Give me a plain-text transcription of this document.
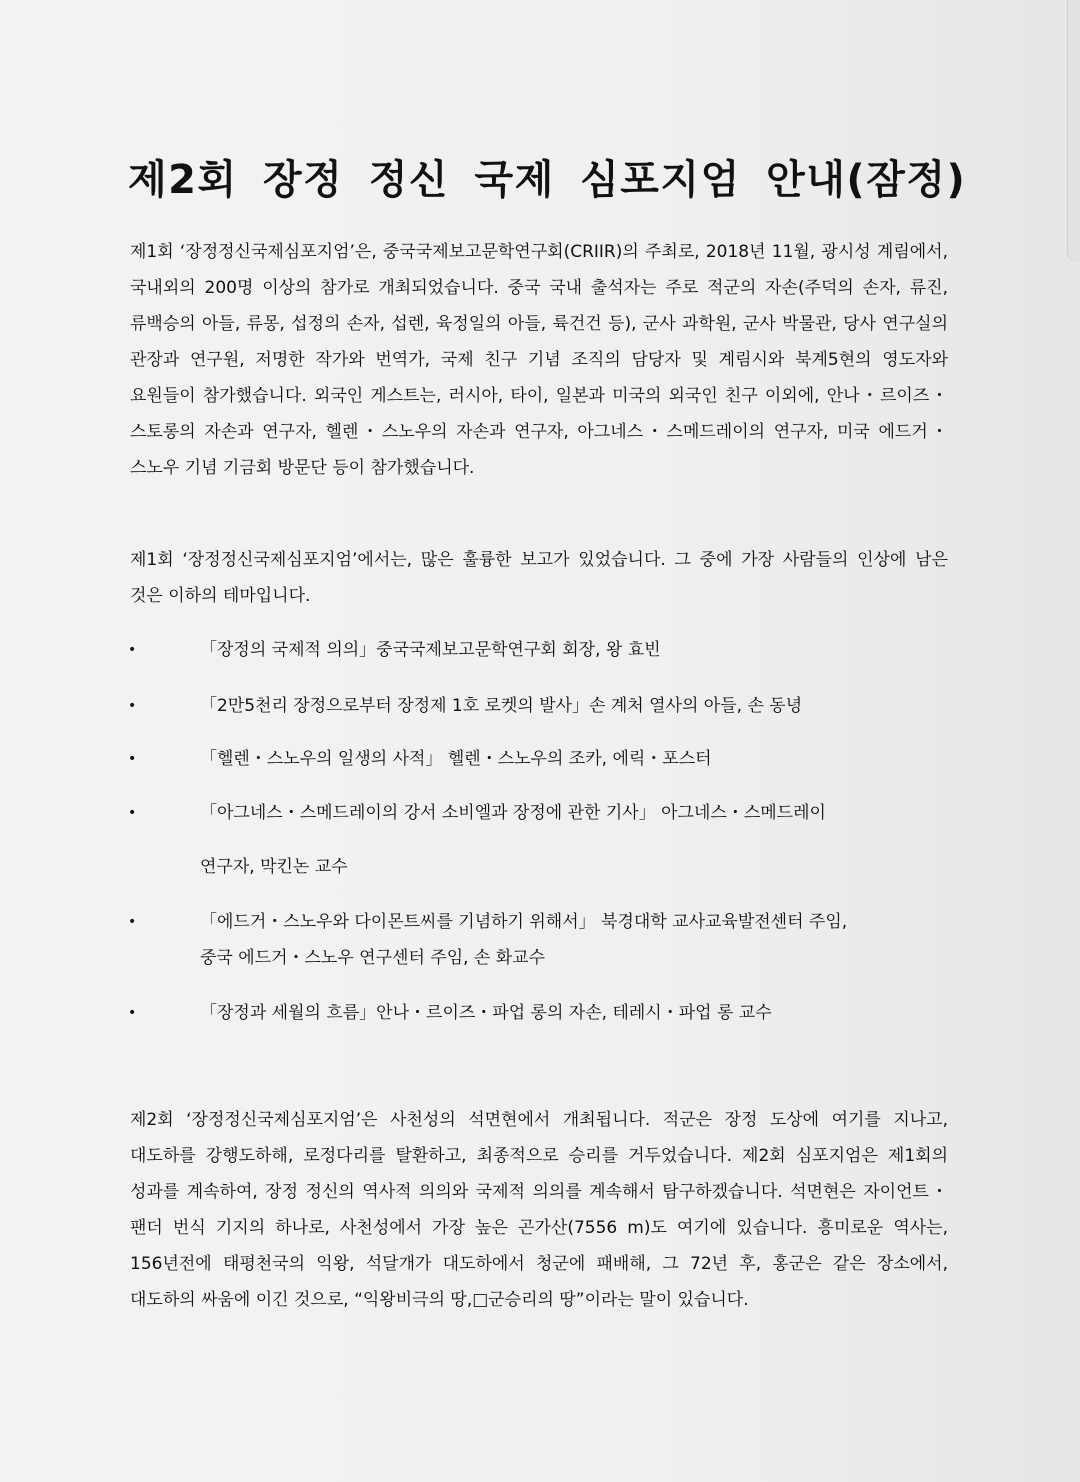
제2회 장정 정신 국제 심포지엄 안내(잠정)

제1회 ‘장정정신국제심포지엄’은, 중국국제보고문학연구회(CRIIR)의 주최로, 2018년 11월, 광시성 계림에서, 국내외의 200명 이상의 참가로 개최되었습니다. 중국 국내 출석자는 주로 적군의 자손(주덕의 손자, 류진, 류백승의 아들, 류몽, 섭정의 손자, 섭렌, 육정일의 아들, 륙건건 등), 군사 과학원, 군사 박물관, 당사 연구실의 관장과 연구원, 저명한 작가와 번역가, 국제 친구 기념 조직의 담당자 및 계림시와 북계5현의 영도자와 요원들이 참가했습니다. 외국인 게스트는, 러시아, 타이, 일본과 미국의 외국인 친구 이외에, 안나・르이즈・스토롱의 자손과 연구자, 헬렌・스노우의 자손과 연구자, 아그네스・스메드레이의 연구자, 미국 에드거・스노우 기념 기금회 방문단 등이 참가했습니다.

제1회 ‘장정정신국제심포지엄’에서는, 많은 훌륭한 보고가 있었습니다. 그 중에 가장 사람들의 인상에 남은 것은 이하의 테마입니다.

•	「장정의 국제적 의의」중국국제보고문학연구회 회장, 왕 효빈
•	「2만5천리 장정으로부터 장정제 1호 로켓의 발사」손 계처 열사의 아들, 손 동녕
•	「헬렌・스노우의 일생의 사적」 헬렌・스노우의 조카, 에릭・포스터
•	「아그네스・스메드레이의 강서 소비엘과 장정에 관한 기사」 아그네스・스메드레이
연구자, 막킨논 교수
•	「에드거・스노우와 다이몬트씨를 기념하기 위해서」 북경대학 교사교육발전센터 주임,
중국 에드거・스노우 연구센터 주임, 손 화교수
•	「장정과 세월의 흐름」안나・르이즈・파업 롱의 자손, 테레시・파업 롱 교수

제2회 ‘장정정신국제심포지엄’은 사천성의 석면현에서 개최됩니다. 적군은 장정 도상에 여기를 지나고, 대도하를 강행도하해, 로정다리를 탈환하고, 최종적으로 승리를 거두었습니다. 제2회 심포지엄은 제1회의 성과를 계속하여, 장정 정신의 역사적 의의와 국제적 의의를 계속해서 탐구하겠습니다. 석면현은 자이언트・팬더 번식 기지의 하나로, 사천성에서 가장 높은 곤가산(7556 m)도 여기에 있습니다. 흥미로운 역사는, 156년전에 태평천국의 익왕, 석달개가 대도하에서 청군에 패배해, 그 72년 후, 홍군은 같은 장소에서, 대도하의 싸움에 이긴 것으로, “익왕비극의 땅,□군승리의 땅”이라는 말이 있습니다.
